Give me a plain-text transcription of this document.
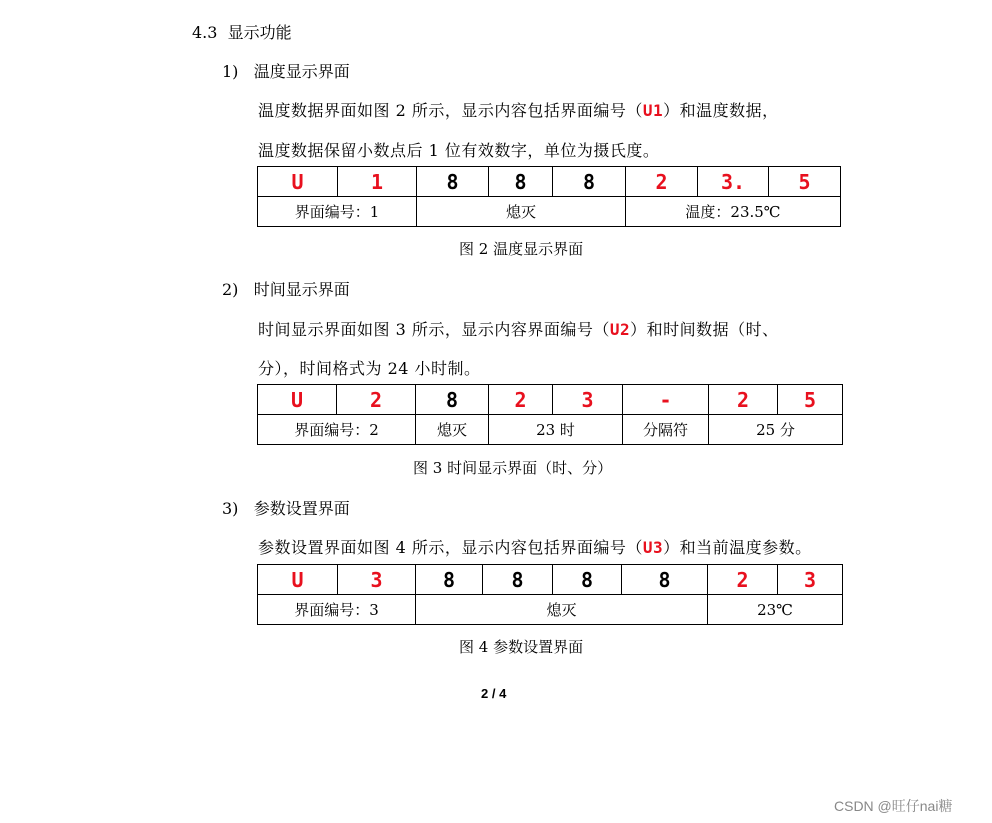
4.3 显示功能
1) 温度显示界面
温度数据界面如图 2 所示，显示内容包括界面编号（U1）和温度数据，
温度数据保留小数点后 1 位有效数字，单位为摄氏度。
U	1	8	8	8	2	3.	5
界面编号：1		熄灭			温度：23.5℃		
图 2 温度显示界面
2) 时间显示界面
时间显示界面如图 3 所示，显示内容界面编号（U2）和时间数据（时、
分），时间格式为 24 小时制。
U	2	8	2	3	-	2	5
界面编号：2		熄灭	23 时		分隔符	25 分	
图 3 时间显示界面（时、分）
3) 参数设置界面
参数设置界面如图 4 所示，显示内容包括界面编号（U3）和当前温度参数。
U	3	8	8	8	8	2	3
界面编号：3		熄灭				23℃	
图 4 参数设置界面
2 / 4
CSDN @旺仔nai糖
